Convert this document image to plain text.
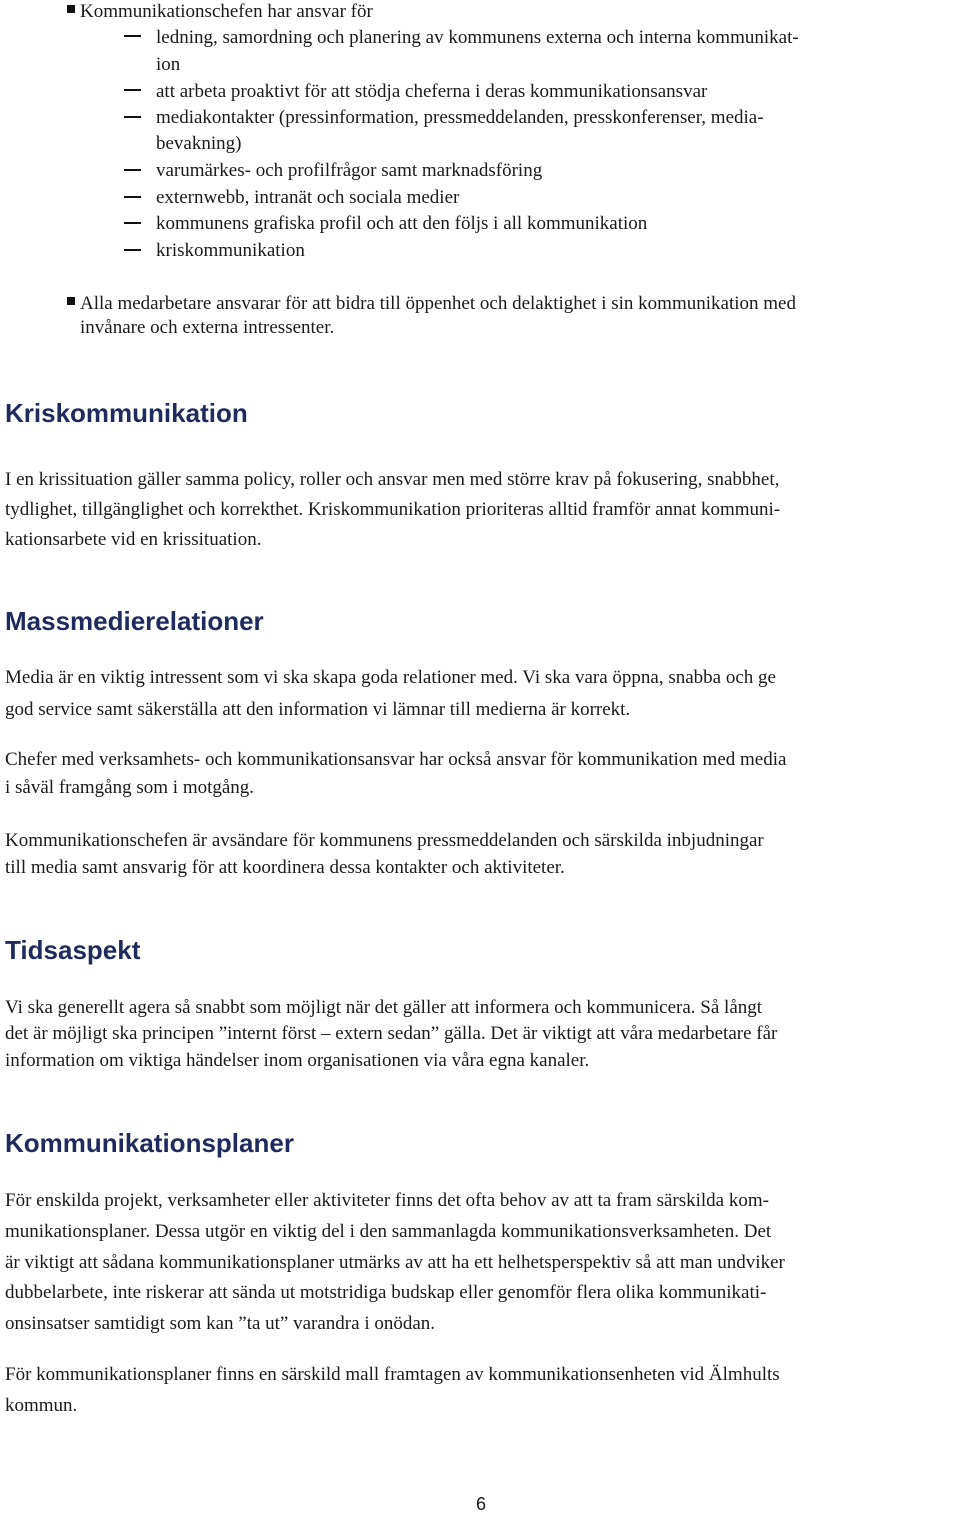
Kommunikationschefen har ansvar för
ledning, samordning och planering av kommunens externa och interna kommunikat-
ion
att arbeta proaktivt för att stödja cheferna i deras kommunikationsansvar
mediakontakter (pressinformation, pressmeddelanden, presskonferenser, media-
bevakning)
varumärkes- och profilfrågor samt marknadsföring
externwebb, intranät och sociala medier
kommunens grafiska profil och att den följs i all kommunikation
kriskommunikation
Alla medarbetare ansvarar för att bidra till öppenhet och delaktighet i sin kommunikation med
invånare och externa intressenter.
Kriskommunikation
I en krissituation gäller samma policy, roller och ansvar men med större krav på fokusering, snabbhet,
tydlighet, tillgänglighet och korrekthet. Kriskommunikation prioriteras alltid framför annat kommuni-
kationsarbete vid en krissituation.
Massmedierelationer
Media är en viktig intressent som vi ska skapa goda relationer med. Vi ska vara öppna, snabba och ge
god service samt säkerställa att den information vi lämnar till medierna är korrekt.
Chefer med verksamhets- och kommunikationsansvar har också ansvar för kommunikation med media
i såväl framgång som i motgång.
Kommunikationschefen är avsändare för kommunens pressmeddelanden och särskilda inbjudningar
till media samt ansvarig för att koordinera dessa kontakter och aktiviteter.
Tidsaspekt
Vi ska generellt agera så snabbt som möjligt när det gäller att informera och kommunicera. Så långt
det är möjligt ska principen ”internt först – extern sedan” gälla. Det är viktigt att våra medarbetare får
information om viktiga händelser inom organisationen via våra egna kanaler.
Kommunikationsplaner
För enskilda projekt, verksamheter eller aktiviteter finns det ofta behov av att ta fram särskilda kom-
munikationsplaner. Dessa utgör en viktig del i den sammanlagda kommunikationsverksamheten. Det
är viktigt att sådana kommunikationsplaner utmärks av att ha ett helhetsperspektiv så att man undviker
dubbelarbete, inte riskerar att sända ut motstridiga budskap eller genomför flera olika kommunikati-
onsinsatser samtidigt som kan ”ta ut” varandra i onödan.
För kommunikationsplaner finns en särskild mall framtagen av kommunikationsenheten vid Älmhults
kommun.
6
